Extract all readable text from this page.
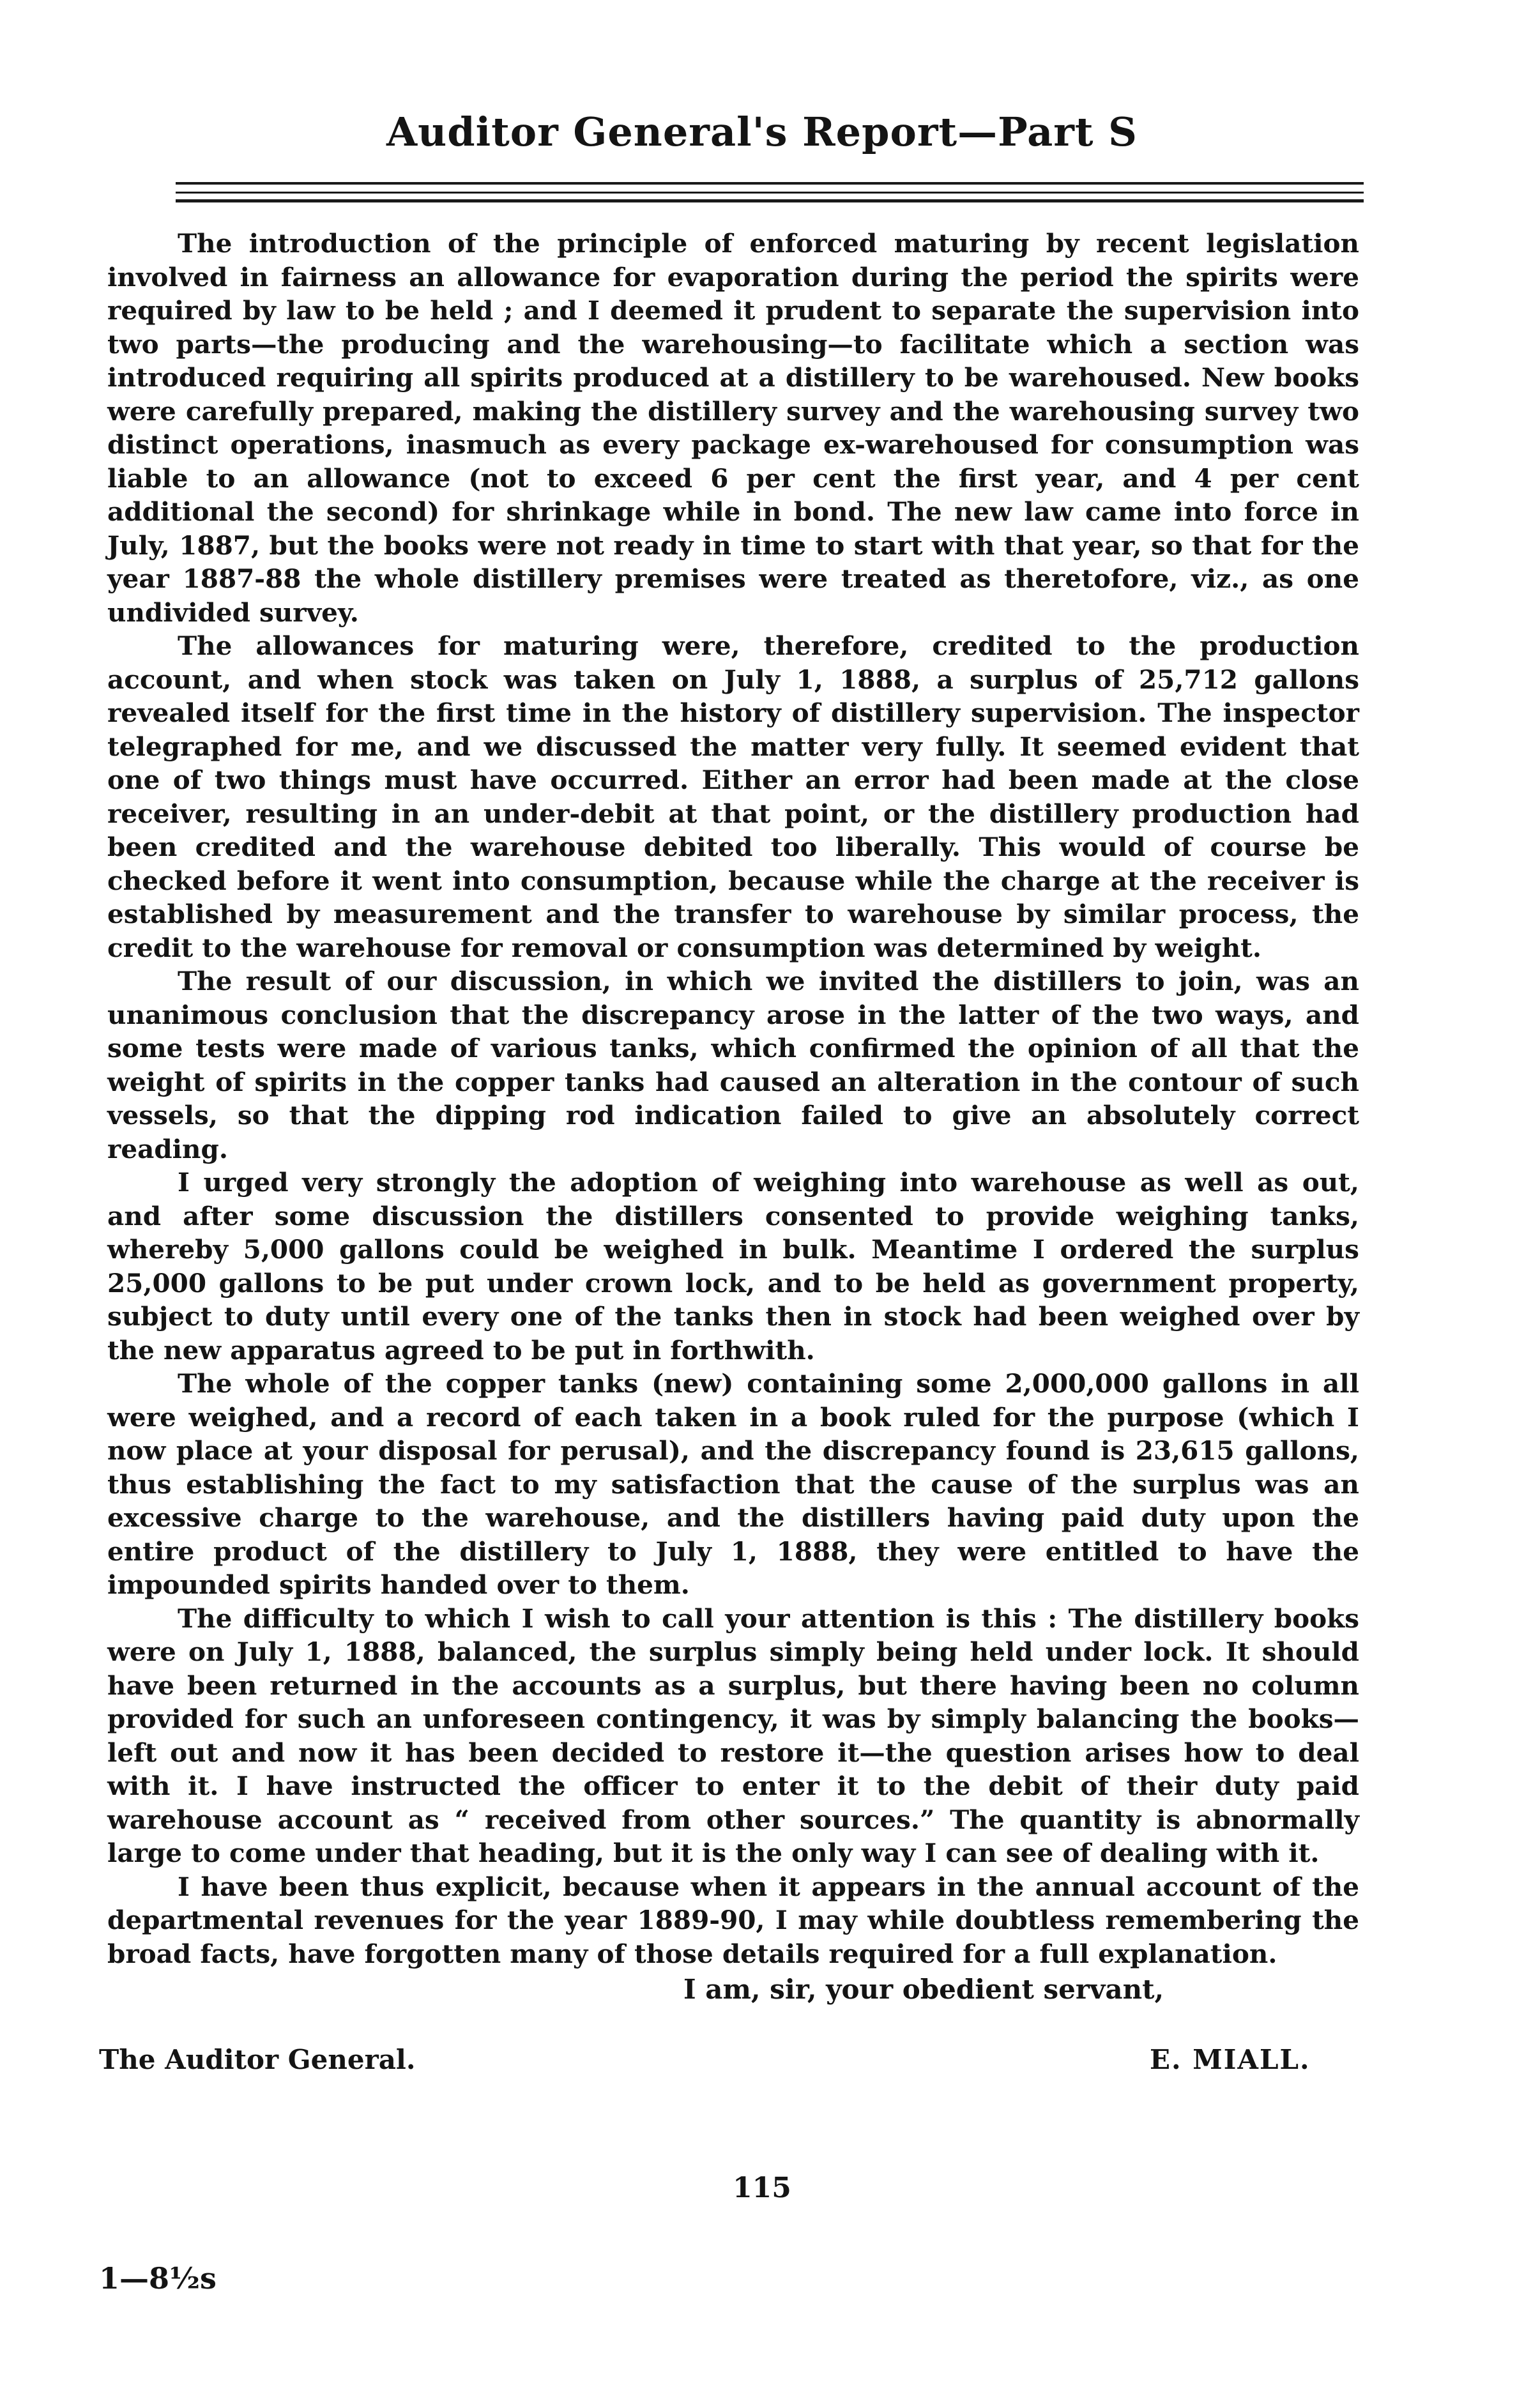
Auditor General's Report—Part S

The introduction of the principle of enforced maturing by recent legislation involved in fairness an allowance for evaporation during the period the spirits were required by law to be held ; and I deemed it prudent to separate the supervision into two parts—the producing and the warehousing—to facilitate which a section was introduced requiring all spirits produced at a distillery to be warehoused. New books were carefully prepared, making the distillery survey and the warehousing survey two distinct operations, inasmuch as every package ex-warehoused for consumption was liable to an allowance (not to exceed 6 per cent the first year, and 4 per cent additional the second) for shrinkage while in bond. The new law came into force in July, 1887, but the books were not ready in time to start with that year, so that for the year 1887-88 the whole distillery premises were treated as theretofore, viz., as one undivided survey.

The allowances for maturing were, therefore, credited to the production account, and when stock was taken on July 1, 1888, a surplus of 25,712 gallons revealed itself for the first time in the history of distillery supervision. The inspector telegraphed for me, and we discussed the matter very fully. It seemed evident that one of two things must have occurred. Either an error had been made at the close receiver, resulting in an under-debit at that point, or the distillery production had been credited and the warehouse debited too liberally. This would of course be checked before it went into consumption, because while the charge at the receiver is established by measurement and the transfer to warehouse by similar process, the credit to the warehouse for removal or consumption was determined by weight.

The result of our discussion, in which we invited the distillers to join, was an unanimous conclusion that the discrepancy arose in the latter of the two ways, and some tests were made of various tanks, which confirmed the opinion of all that the weight of spirits in the copper tanks had caused an alteration in the contour of such vessels, so that the dipping rod indication failed to give an absolutely correct reading.

I urged very strongly the adoption of weighing into warehouse as well as out, and after some discussion the distillers consented to provide weighing tanks, whereby 5,000 gallons could be weighed in bulk. Meantime I ordered the surplus 25,000 gallons to be put under crown lock, and to be held as government property, subject to duty until every one of the tanks then in stock had been weighed over by the new apparatus agreed to be put in forthwith.

The whole of the copper tanks (new) containing some 2,000,000 gallons in all were weighed, and a record of each taken in a book ruled for the purpose (which I now place at your disposal for perusal), and the discrepancy found is 23,615 gallons, thus establishing the fact to my satisfaction that the cause of the surplus was an excessive charge to the warehouse, and the distillers having paid duty upon the entire product of the distillery to July 1, 1888, they were entitled to have the impounded spirits handed over to them.

The difficulty to which I wish to call your attention is this : The distillery books were on July 1, 1888, balanced, the surplus simply being held under lock. It should have been returned in the accounts as a surplus, but there having been no column provided for such an unforeseen contingency, it was by simply balancing the books—left out and now it has been decided to restore it—the question arises how to deal with it. I have instructed the officer to enter it to the debit of their duty paid warehouse account as “ received from other sources.” The quantity is abnormally large to come under that heading, but it is the only way I can see of dealing with it.

I have been thus explicit, because when it appears in the annual account of the departmental revenues for the year 1889-90, I may while doubtless remembering the broad facts, have forgotten many of those details required for a full explanation.

I am, sir, your obedient servant,
The Auditor General.	E. MIALL.
115
1—8½s
